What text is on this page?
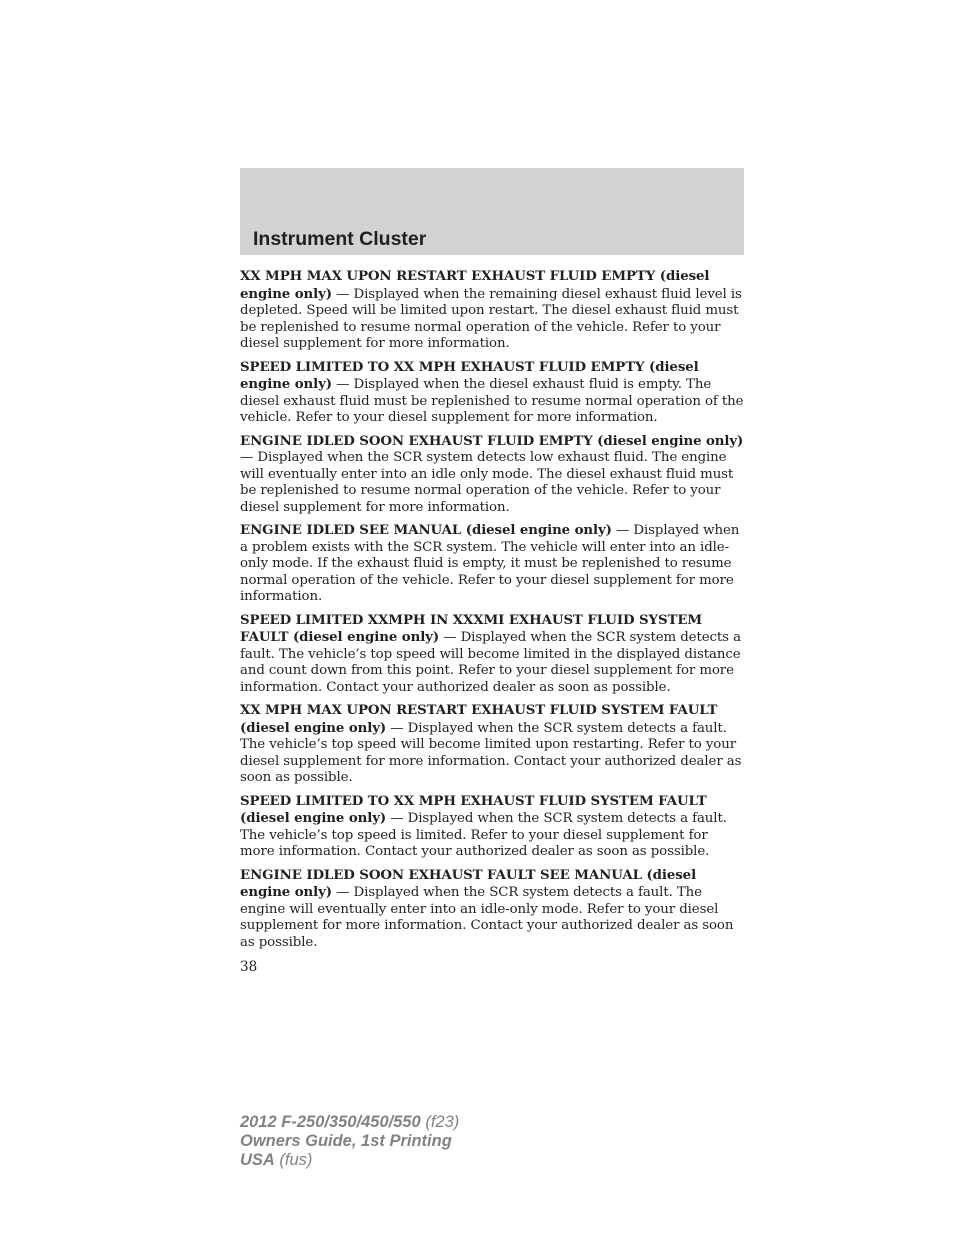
Instrument Cluster

XX MPH MAX UPON RESTART EXHAUST FLUID EMPTY (diesel engine only) — Displayed when the remaining diesel exhaust fluid level is depleted. Speed will be limited upon restart. The diesel exhaust fluid must be replenished to resume normal operation of the vehicle. Refer to your diesel supplement for more information.

SPEED LIMITED TO XX MPH EXHAUST FLUID EMPTY (diesel engine only) — Displayed when the diesel exhaust fluid is empty. The diesel exhaust fluid must be replenished to resume normal operation of the vehicle. Refer to your diesel supplement for more information.

ENGINE IDLED SOON EXHAUST FLUID EMPTY (diesel engine only) — Displayed when the SCR system detects low exhaust fluid. The engine will eventually enter into an idle only mode. The diesel exhaust fluid must be replenished to resume normal operation of the vehicle. Refer to your diesel supplement for more information.

ENGINE IDLED SEE MANUAL (diesel engine only) — Displayed when a problem exists with the SCR system. The vehicle will enter into an idle-only mode. If the exhaust fluid is empty, it must be replenished to resume normal operation of the vehicle. Refer to your diesel supplement for more information.

SPEED LIMITED XXMPH IN XXXMI EXHAUST FLUID SYSTEM FAULT (diesel engine only) — Displayed when the SCR system detects a fault. The vehicle’s top speed will become limited in the displayed distance and count down from this point. Refer to your diesel supplement for more information. Contact your authorized dealer as soon as possible.

XX MPH MAX UPON RESTART EXHAUST FLUID SYSTEM FAULT (diesel engine only) — Displayed when the SCR system detects a fault. The vehicle’s top speed will become limited upon restarting. Refer to your diesel supplement for more information. Contact your authorized dealer as soon as possible.

SPEED LIMITED TO XX MPH EXHAUST FLUID SYSTEM FAULT (diesel engine only) — Displayed when the SCR system detects a fault. The vehicle’s top speed is limited. Refer to your diesel supplement for more information. Contact your authorized dealer as soon as possible.

ENGINE IDLED SOON EXHAUST FAULT SEE MANUAL (diesel engine only) — Displayed when the SCR system detects a fault. The engine will eventually enter into an idle-only mode. Refer to your diesel supplement for more information. Contact your authorized dealer as soon as possible.

38
2012 F-250/350/450/550 (f23)
Owners Guide, 1st Printing
USA (fus)
